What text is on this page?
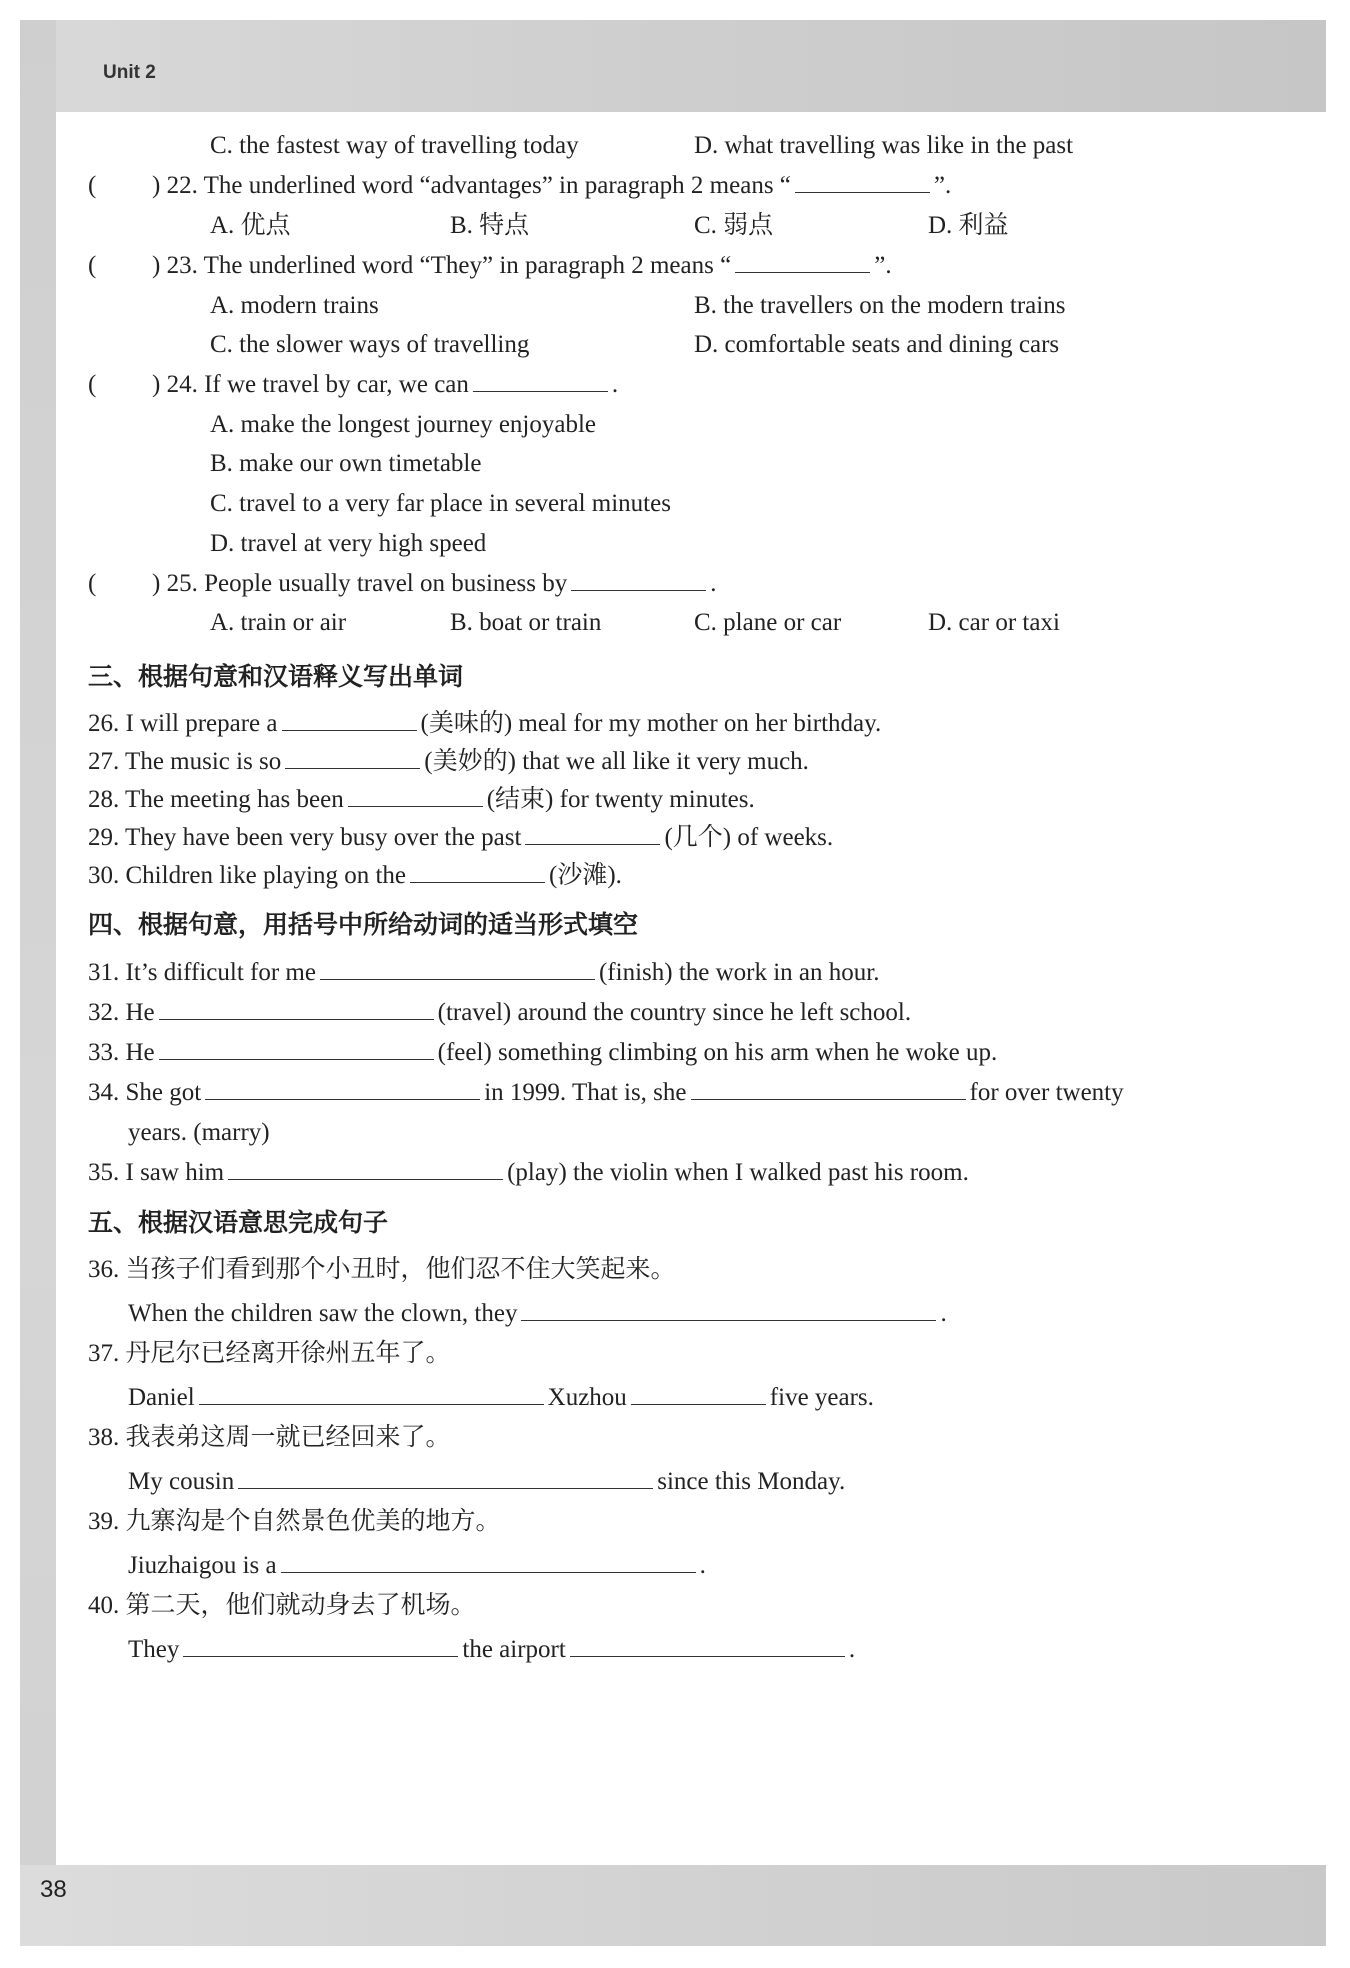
Unit 2
38
C. the fastest way of travelling today	D. what travelling was like in the past
( ) 22. The underlined word “advantages” in paragraph 2 means “	”.
A. 优点	B. 特点	C. 弱点	D. 利益
( ) 23. The underlined word “They” in paragraph 2 means “	”.
A. modern trains	B. the travellers on the modern trains
C. the slower ways of travelling	D. comfortable seats and dining cars
( ) 24. If we travel by car, we can	.
A. make the longest journey enjoyable
B. make our own timetable
C. travel to a very far place in several minutes
D. travel at very high speed
( ) 25. People usually travel on business by	.
A. train or air	B. boat or train	C. plane or car	D. car or taxi
三、根据句意和汉语释义写出单词
26. I will prepare a	(美味的) meal for my mother on her birthday.
27. The music is so	(美妙的) that we all like it very much.
28. The meeting has been	(结束) for twenty minutes.
29. They have been very busy over the past	(几个) of weeks.
30. Children like playing on the	(沙滩).
四、根据句意，用括号中所给动词的适当形式填空
31. It’s difficult for me	(finish) the work in an hour.
32. He	(travel) around the country since he left school.
33. He	(feel) something climbing on his arm when he woke up.
34. She got	in 1999. That is, she	for over twenty
years. (marry)
35. I saw him	(play) the violin when I walked past his room.
五、根据汉语意思完成句子
36. 当孩子们看到那个小丑时，他们忍不住大笑起来。
When the children saw the clown, they	.
37. 丹尼尔已经离开徐州五年了。
Daniel	Xuzhou	five years.
38. 我表弟这周一就已经回来了。
My cousin	since this Monday.
39. 九寨沟是个自然景色优美的地方。
Jiuzhaigou is a	.
40. 第二天，他们就动身去了机场。
They	the airport	.
